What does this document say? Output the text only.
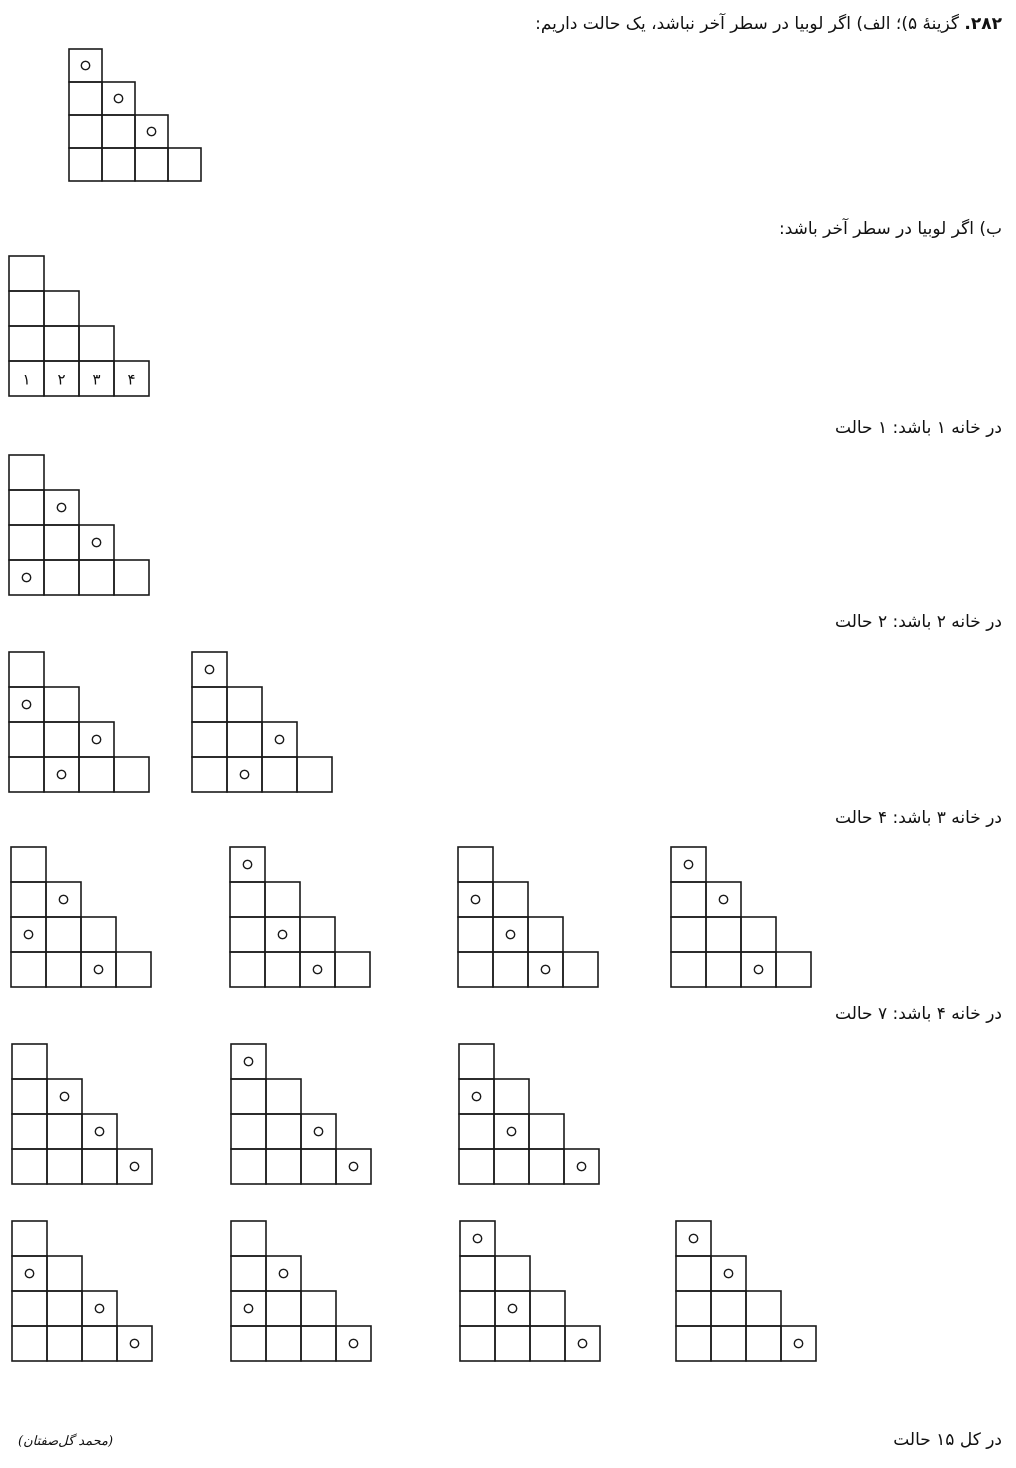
۲۸۲. گزینۀ ۵)؛ الف) اگر لوبیا در سطر آخر نباشد، یک حالت داریم:
ب) اگر لوبیا در سطر آخر باشد:
در خانه ۱ باشد: ۱ حالت
در خانه ۲ باشد: ۲ حالت
در خانه ۳ باشد: ۴ حالت
در خانه ۴ باشد: ۷ حالت
در کل ۱۵ حالت
(محمد گل‌صفتان)
۱ ۲ ۳ ۴
